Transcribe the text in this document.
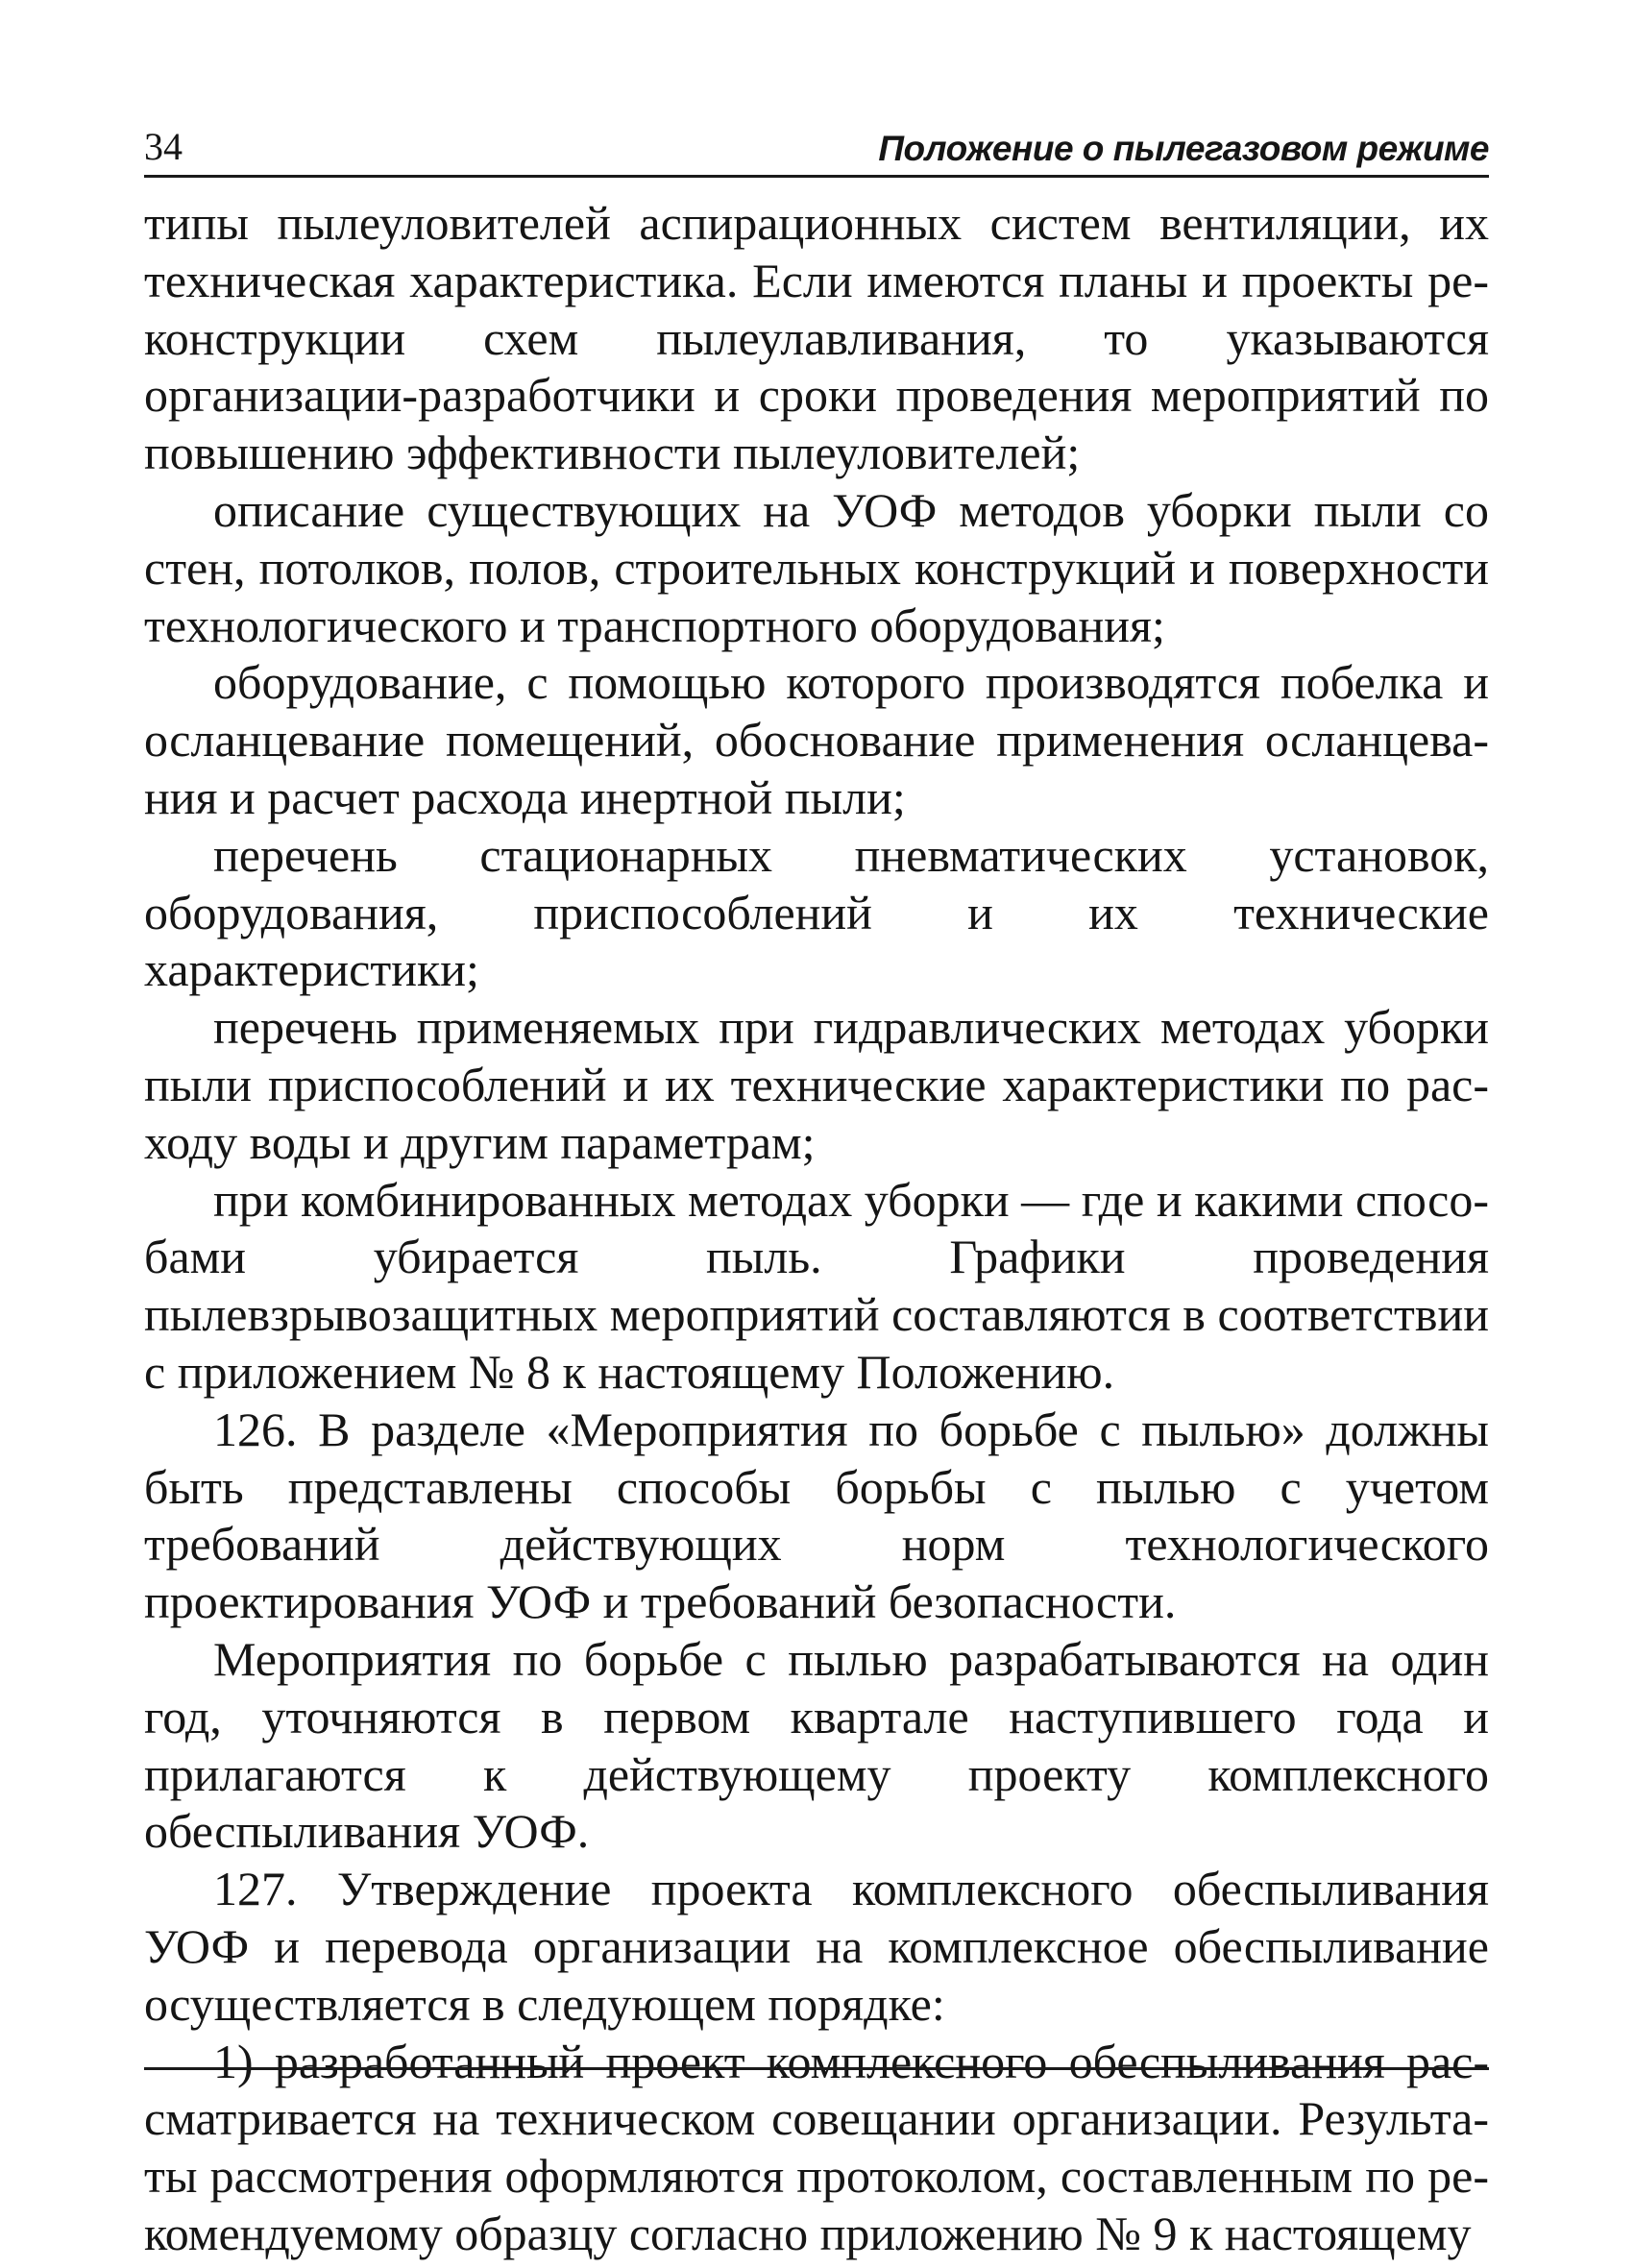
34	Положение о пылегазовом режиме

типы пылеуловителей аспирационных систем вентиляции, их техническая характеристика. Если имеются планы и проекты реконструкции схем пылеулавливания, то указываются организации-разработчики и сроки проведения мероприятий по повышению эффективности пылеуловителей;

описание существующих на УОФ методов уборки пыли со стен, потолков, полов, строительных конструкций и поверхности технологического и транспортного оборудования;

оборудование, с помощью которого производятся побелка и осланцевание помещений, обоснование применения осланцевания и расчет расхода инертной пыли;

перечень стационарных пневматических установок, оборудования, приспособлений и их технические характеристики;

перечень применяемых при гидравлических методах уборки пыли приспособлений и их технические характеристики по расходу воды и другим параметрам;

при комбинированных методах уборки — где и какими способами убирается пыль. Графики проведения пылевзрывозащитных мероприятий составляются в соответствии с приложением № 8 к настоящему Положению.

126. В разделе «Мероприятия по борьбе с пылью» должны быть представлены способы борьбы с пылью с учетом требований действующих норм технологического проектирования УОФ и требований безопасности.

Мероприятия по борьбе с пылью разрабатываются на один год, уточняются в первом квартале наступившего года и прилагаются к действующему проекту комплексного обеспыливания УОФ.

127. Утверждение проекта комплексного обеспыливания УОФ и перевода организации на комплексное обеспыливание осуществляется в следующем порядке:

1) разработанный проект комплексного обеспыливания рассматривается на техническом совещании организации. Результаты рассмотрения оформляются протоколом, составленным по рекомендуемому образцу согласно приложению № 9 к настоящему
